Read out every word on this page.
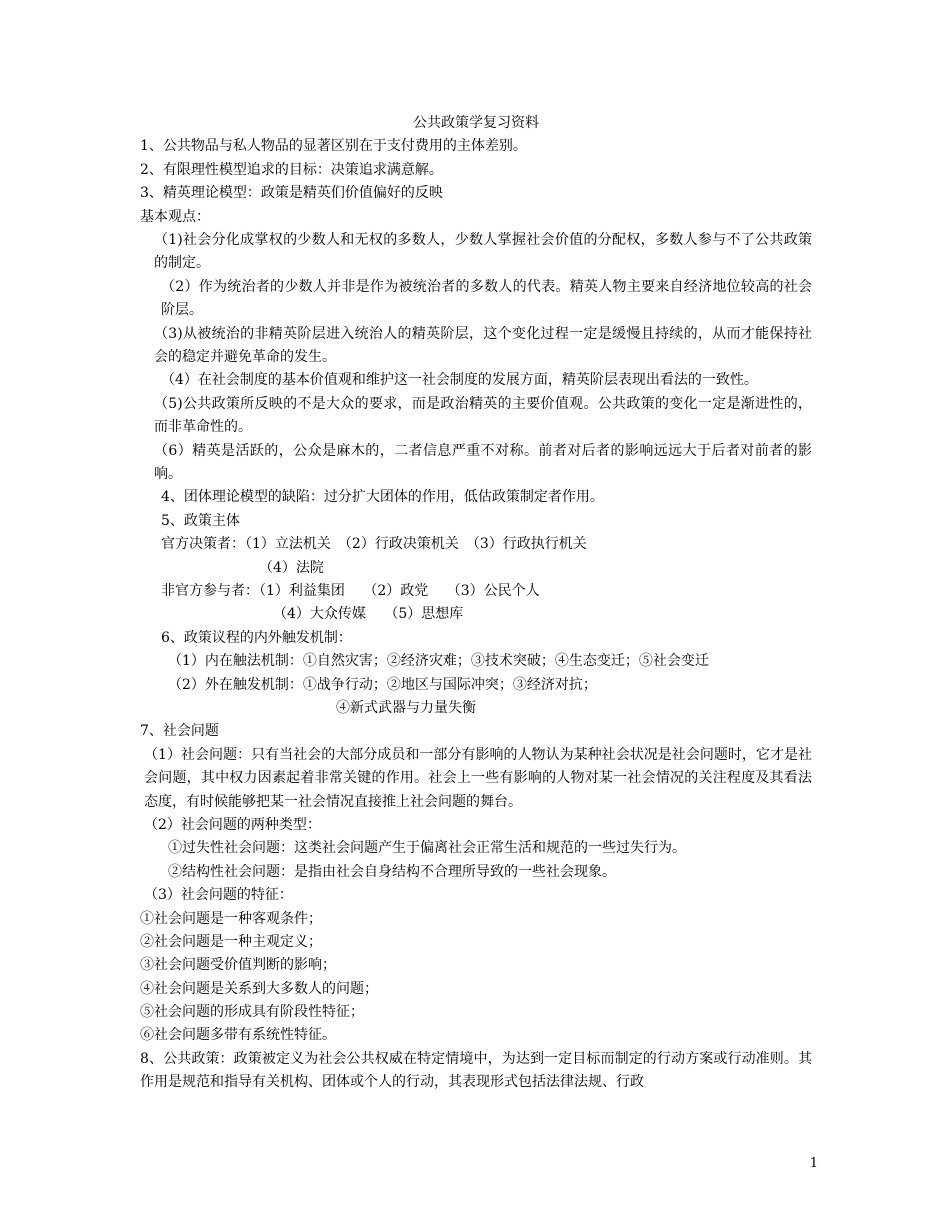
公共政策学复习资料
1、公共物品与私人物品的显著区别在于支付费用的主体差别。
2、有限理性模型追求的目标：决策追求满意解。
3、精英理论模型：政策是精英们价值偏好的反映
基本观点：
（1)社会分化成掌权的少数人和无权的多数人，少数人掌握社会价值的分配权，多数人参与不了公共政策的制定。
（2）作为统治者的少数人并非是作为被统治者的多数人的代表。精英人物主要来自经济地位较高的社会阶层。
（3)从被统治的非精英阶层进入统治人的精英阶层，这个变化过程一定是缓慢且持续的，从而才能保持社会的稳定并避免革命的发生。
（4）在社会制度的基本价值观和维护这一社会制度的发展方面，精英阶层表现出看法的一致性。
（5)公共政策所反映的不是大众的要求，而是政治精英的主要价值观。公共政策的变化一定是渐进性的，而非革命性的。
（6）精英是活跃的，公众是麻木的，二者信息严重不对称。前者对后者的影响远远大于后者对前者的影响。
4、团体理论模型的缺陷：过分扩大团体的作用，低估政策制定者作用。
5、政策主体
官方决策者：（1）立法机关　（2）行政决策机关　（3）行政执行机关
（4）法院
非官方参与者：（1）利益集团　 （2）政党　 （3）公民个人
（4）大众传媒　 （5）思想库
6、政策议程的内外触发机制：
（1）内在触法机制：①自然灾害；②经济灾难；③技术突破；④生态变迁；⑤社会变迁
（2）外在触发机制：①战争行动；②地区与国际冲突；③经济对抗；
④新式武器与力量失衡
7、社会问题
（1）社会问题：只有当社会的大部分成员和一部分有影响的人物认为某种社会状况是社会问题时，它才是社会问题，其中权力因素起着非常关键的作用。社会上一些有影响的人物对某一社会情况的关注程度及其看法态度，有时候能够把某一社会情况直接推上社会问题的舞台。
（2）社会问题的两种类型：
①过失性社会问题：这类社会问题产生于偏离社会正常生活和规范的一些过失行为。
②结构性社会问题：是指由社会自身结构不合理所导致的一些社会现象。
（3）社会问题的特征：
①社会问题是一种客观条件；
②社会问题是一种主观定义；
③社会问题受价值判断的影响；
④社会问题是关系到大多数人的问题；
⑤社会问题的形成具有阶段性特征；
⑥社会问题多带有系统性特征。
8、公共政策：政策被定义为社会公共权威在特定情境中，为达到一定目标而制定的行动方案或行动准则。其作用是规范和指导有关机构、团体或个人的行动，其表现形式包括法律法规、行政
1
